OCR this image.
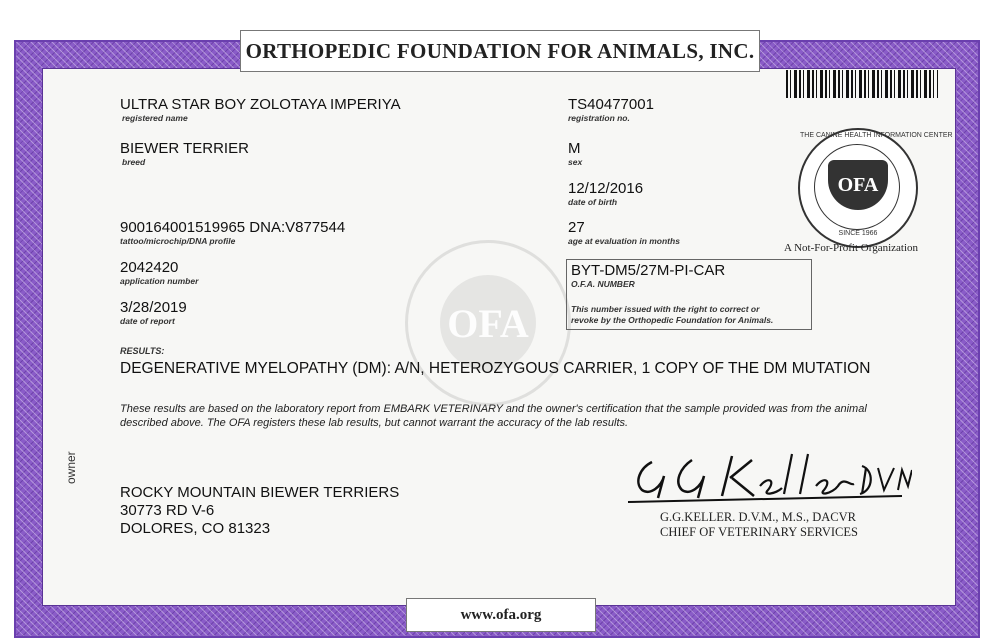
OFA
ORTHOPEDIC FOUNDATION FOR ANIMALS, INC.
ULTRA STAR BOY ZOLOTAYA IMPERIYA
registered name
BIEWER TERRIER
breed
900164001519965 DNA:V877544
tattoo/microchip/DNA profile
2042420
application number
3/28/2019
date of report
TS40477001
registration no.
M
sex
12/12/2016
date of birth
27
age at evaluation in months
BYT-DM5/27M-PI-CAR
O.F.A. NUMBER
This number issued with the right to correct or
revoke by the Orthopedic Foundation for Animals.
THE CANINE HEALTH INFORMATION CENTER
OFA
SINCE 1966
A Not-For-Profit Organization
RESULTS:
DEGENERATIVE MYELOPATHY (DM): A/N, HETEROZYGOUS CARRIER, 1 COPY OF THE DM MUTATION
These results are based on the laboratory report from EMBARK VETERINARY and the owner's certification that the sample provided was from the animal described above. The OFA registers these lab results, but cannot warrant the accuracy of the lab results.
owner
ROCKY MOUNTAIN BIEWER TERRIERS
30773 RD V-6
DOLORES, CO 81323
G.G.KELLER. D.V.M., M.S., DACVR
CHIEF OF VETERINARY SERVICES
www.ofa.org
